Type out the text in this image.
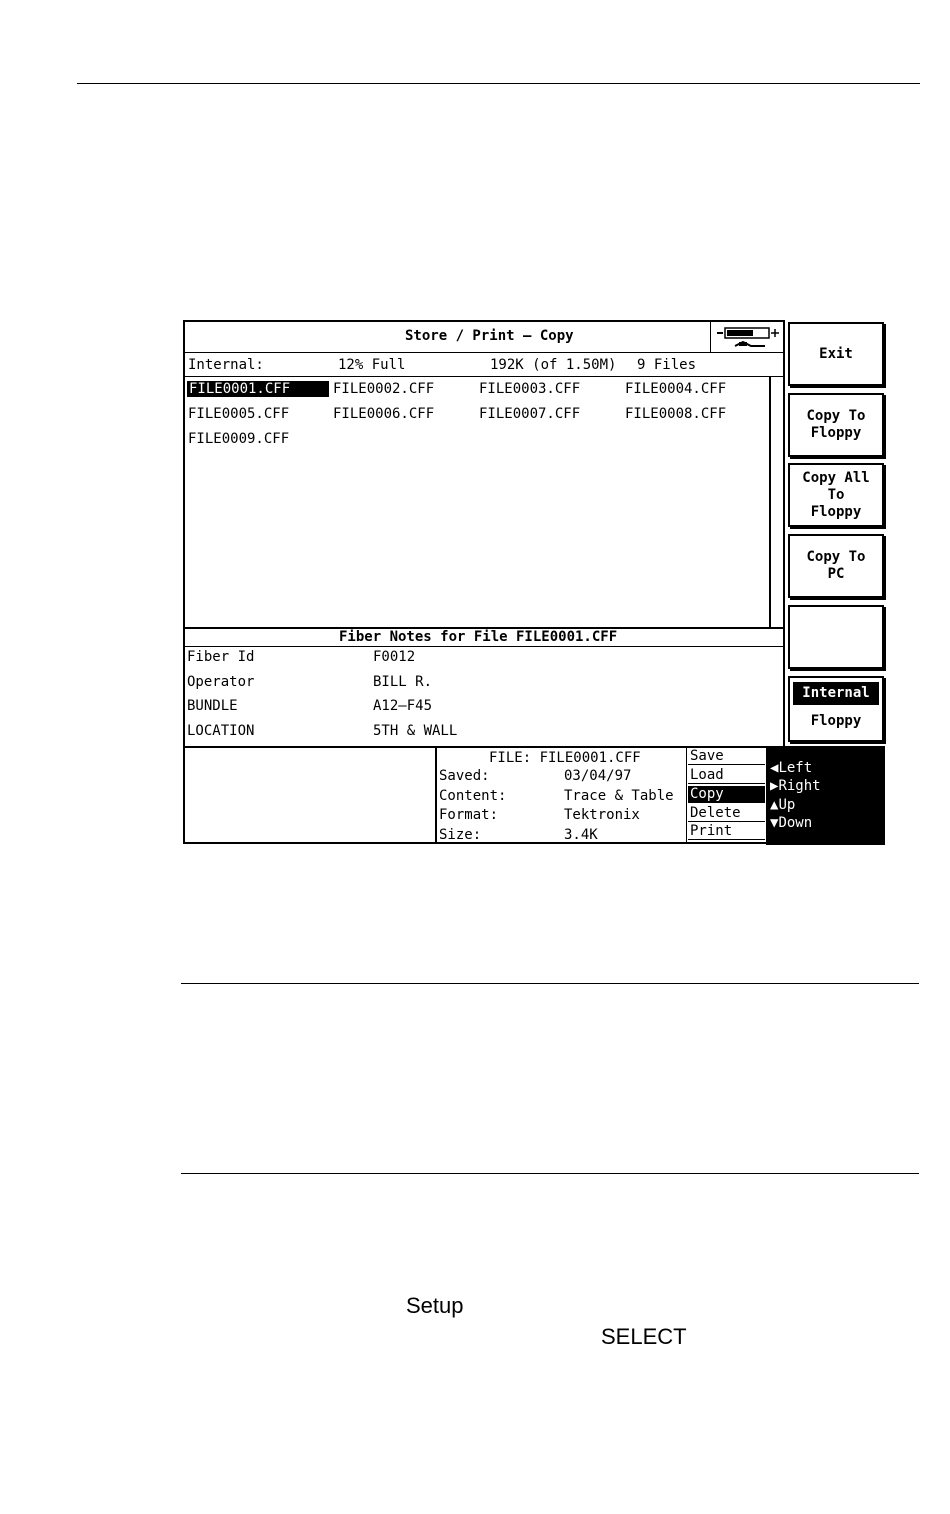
Store / Print – Copy
Internal:	12% Full	192K (of 1.50M) 9 Files
FILE0001.CFF	FILE0002.CFF	FILE0003.CFF	FILE0004.CFF
FILE0005.CFF	FILE0006.CFF	FILE0007.CFF	FILE0008.CFF
FILE0009.CFF
Fiber Notes for File FILE0001.CFF
Fiber Id	F0012
Operator	BILL R.
BUNDLE	A12–F45
LOCATION	5TH & WALL
FILE: FILE0001.CFF
Saved:	03/04/97
Content:	Trace & Table
Format:	Tektronix
Size:	3.4K
Save
Load
Copy
Delete
Print
◀Left
▶Right
▲Up
▼Down
Exit
Copy To
Floppy
Copy All
To
Floppy
Copy To
PC
Internal
Floppy
Setup
SELECT
